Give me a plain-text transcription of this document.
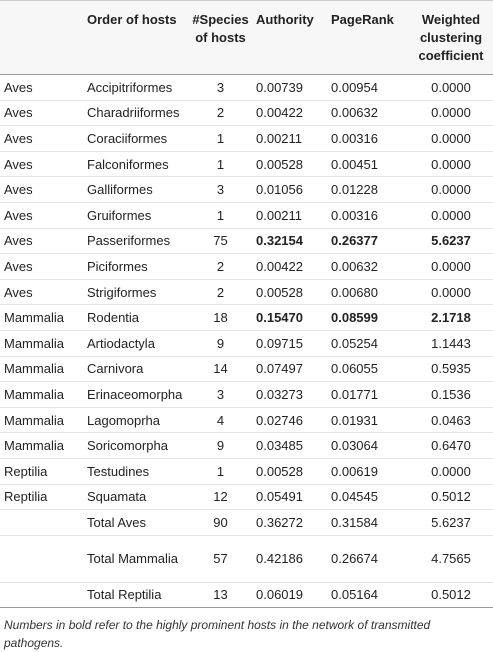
	Order of hosts	#Species of hosts	Authority	PageRank	Weighted clustering coefficient
Aves	Accipitriformes	3	0.00739	0.00954	0.0000
Aves	Charadriiformes	2	0.00422	0.00632	0.0000
Aves	Coraciiformes	1	0.00211	0.00316	0.0000
Aves	Falconiformes	1	0.00528	0.00451	0.0000
Aves	Galliformes	3	0.01056	0.01228	0.0000
Aves	Gruiformes	1	0.00211	0.00316	0.0000
Aves	Passeriformes	75	0.32154	0.26377	5.6237
Aves	Piciformes	2	0.00422	0.00632	0.0000
Aves	Strigiformes	2	0.00528	0.00680	0.0000
Mammalia	Rodentia	18	0.15470	0.08599	2.1718
Mammalia	Artiodactyla	9	0.09715	0.05254	1.1443
Mammalia	Carnivora	14	0.07497	0.06055	0.5935
Mammalia	Erinaceomorpha	3	0.03273	0.01771	0.1536
Mammalia	Lagomoprha	4	0.02746	0.01931	0.0463
Mammalia	Soricomorpha	9	0.03485	0.03064	0.6470
Reptilia	Testudines	1	0.00528	0.00619	0.0000
Reptilia	Squamata	12	0.05491	0.04545	0.5012
	Total Aves	90	0.36272	0.31584	5.6237
	Total Mammalia	57	0.42186	0.26674	4.7565
	Total Reptilia	13	0.06019	0.05164	0.5012
Numbers in bold refer to the highly prominent hosts in the network of transmitted pathogens.
